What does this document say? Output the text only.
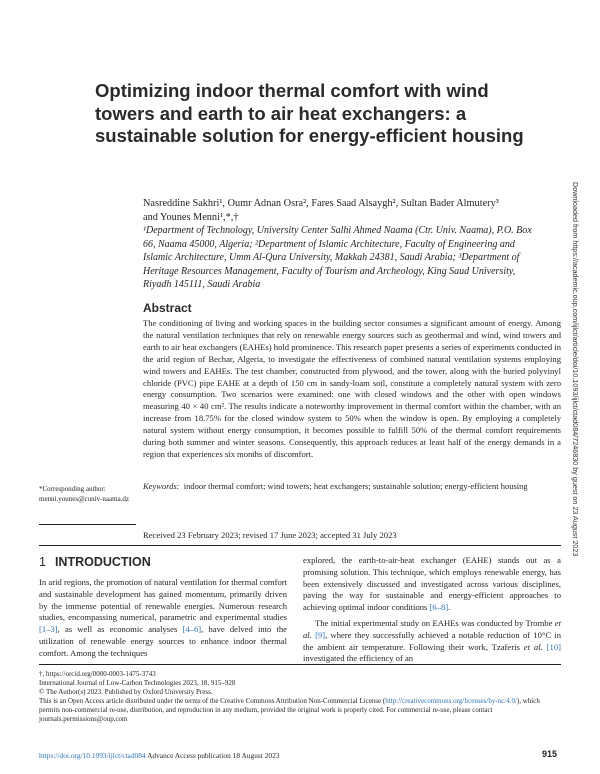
Optimizing indoor thermal comfort with wind towers and earth to air heat exchangers: a sustainable solution for energy-efficient housing
Nasreddine Sakhri¹, Oumr Adnan Osra², Fares Saad Alsaygh², Sultan Bader Almutery³
and Younes Menni¹,*,†
¹Department of Technology, University Center Salhi Ahmed Naama (Ctr. Univ. Naama), P.O. Box 66, Naama 45000, Algeria; ²Department of Islamic Architecture, Faculty of Engineering and Islamic Architecture, Umm Al-Qura University, Makkah 24381, Saudi Arabia; ³Department of Heritage Resources Management, Faculty of Tourism and Archeology, King Saud University, Riyadh 145111, Saudi Arabia
Abstract

The conditioning of living and working spaces in the building sector consumes a significant amount of energy. Among the natural ventilation techniques that rely on renewable energy sources such as geothermal and wind, wind towers and earth to air heat exchangers (EAHEs) hold prominence. This research paper presents a series of experiments conducted in the arid region of Bechar, Algeria, to investigate the effectiveness of combined natural ventilation systems employing wind towers and EAHEs. The test chamber, constructed from plywood, and the tower, along with the buried polyvinyl chloride (PVC) pipe EAHE at a depth of 150 cm in sandy-loam soil, constitute a completely natural system with zero energy consumption. Two scenarios were examined: one with closed windows and the other with open windows measuring 40 × 40 cm². The results indicate a noteworthy improvement in thermal comfort within the chamber, with an increase from 18.75% for the closed window system to 50% when the window is open. By employing a completely natural system without energy consumption, it becomes possible to fulfill 50% of the thermal comfort requirements during both summer and winter seasons. Consequently, this approach reduces at least half of the energy demands in a region that experiences six months of discomfort.

Keywords: indoor thermal comfort; wind towers; heat exchangers; sustainable solution; energy-efficient housing

*Corresponding author: menni.younes@cuniv-naama.dz
Received 23 February 2023; revised 17 June 2023; accepted 31 July 2023
1 INTRODUCTION

In arid regions, the promotion of natural ventilation for thermal comfort and sustainable development has gained momentum, primarily driven by the immense potential of renewable energies. Numerous research studies, encompassing numerical, parametric and experimental studies [1–3], as well as economic analyses [4–6], have delved into the utilization of renewable energy sources to enhance indoor thermal comfort. Among the techniques

explored, the earth-to-air-heat exchanger (EAHE) stands out as a promising solution. This technique, which employs renewable energy, has been extensively discussed and investigated across various disciplines, paving the way for sustainable and energy-efficient approaches to achieving optimal indoor conditions [6–8].

The initial experimental study on EAHEs was conducted by Trombe et al. [9], where they successfully achieved a notable reduction of 10°C in the ambient air temperature. Following their work, Tzaferis et al. [10] investigated the efficiency of an

†, https://orcid.org/0000-0003-1475-3743
International Journal of Low-Carbon Technologies 2023, 18, 915–928
© The Author(s) 2023. Published by Oxford University Press.
This is an Open Access article distributed under the terms of the Creative Commons Attribution Non-Commercial License (http://creativecommons.org/licenses/by-nc/4.0/), which permits non-commercial re-use, distribution, and reproduction in any medium, provided the original work is properly cited. For commercial re-use, please contact journals.permissions@oup.com
https://doi.org/10.1093/ijlct/ctad084 Advance Access publication 18 August 2023	915
Downloaded from https://academic.oup.com/ijlct/article/doi/10.1093/ijlct/ctad084/7246830 by guest on 23 August 2023
